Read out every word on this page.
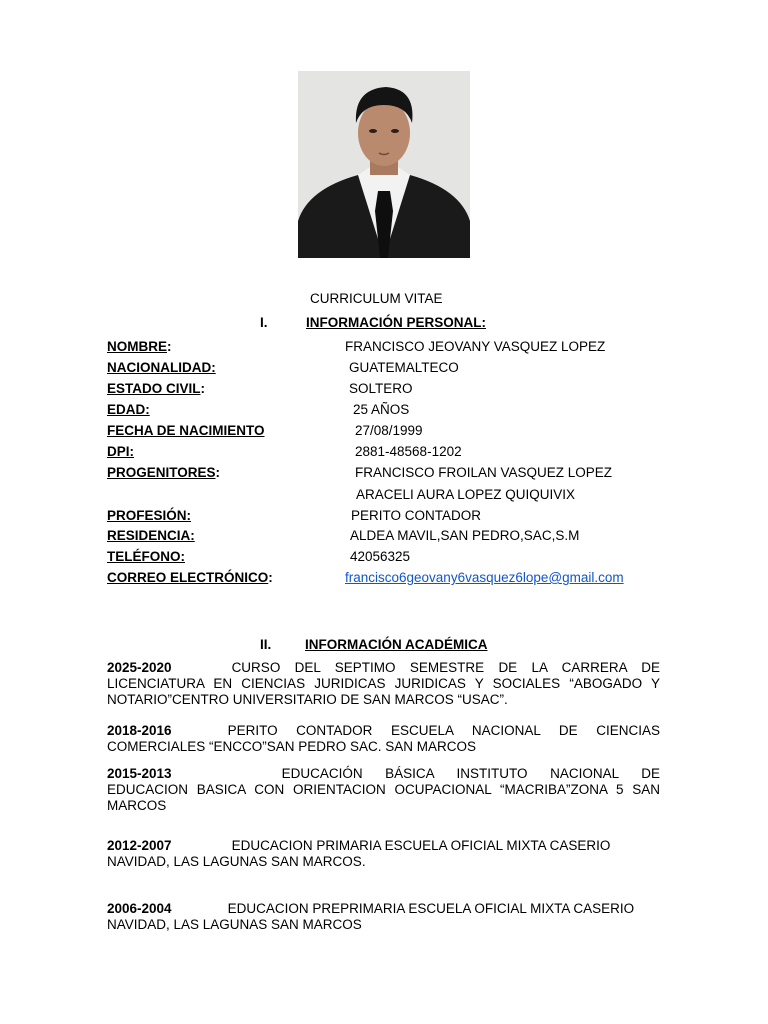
CURRICULUM VITAE
I.	INFORMACIÓN PERSONAL:
NOMBRE:	FRANCISCO JEOVANY VASQUEZ LOPEZ
NACIONALIDAD:	GUATEMALTECO
ESTADO CIVIL:	SOLTERO
EDAD:	25 AÑOS
FECHA DE NACIMIENTO	27/08/1999
DPI:	2881-48568-1202
PROGENITORES:	FRANCISCO FROILAN VASQUEZ LOPEZ
ARACELI AURA LOPEZ QUIQUIVIX
PROFESIÓN:	PERITO CONTADOR
RESIDENCIA:	ALDEA MAVIL,SAN PEDRO,SAC,S.M
TELÉFONO:	42056325
CORREO ELECTRÓNICO:	francisco6geovany6vasquez6lope@gmail.com
II. INFORMACIÓN ACADÉMICA
2025-2020	CURSO DEL SEPTIMO SEMESTRE DE LA CARRERA DE LICENCIATURA EN CIENCIAS JURIDICAS JURIDICAS Y SOCIALES “ABOGADO Y NOTARIO”CENTRO UNIVERSITARIO DE SAN MARCOS “USAC”.
2018-2016	PERITO CONTADOR ESCUELA NACIONAL DE CIENCIAS COMERCIALES “ENCCO”SAN PEDRO SAC. SAN MARCOS
2015-2013	EDUCACIÓN BÁSICA INSTITUTO NACIONAL DE EDUCACION BASICA CON ORIENTACION OCUPACIONAL “MACRIBA”ZONA 5 SAN MARCOS
2012-2007	EDUCACION PRIMARIA ESCUELA OFICIAL MIXTA CASERIO NAVIDAD, LAS LAGUNAS SAN MARCOS.
2006-2004	EDUCACION PREPRIMARIA ESCUELA OFICIAL MIXTA CASERIO NAVIDAD, LAS LAGUNAS SAN MARCOS
